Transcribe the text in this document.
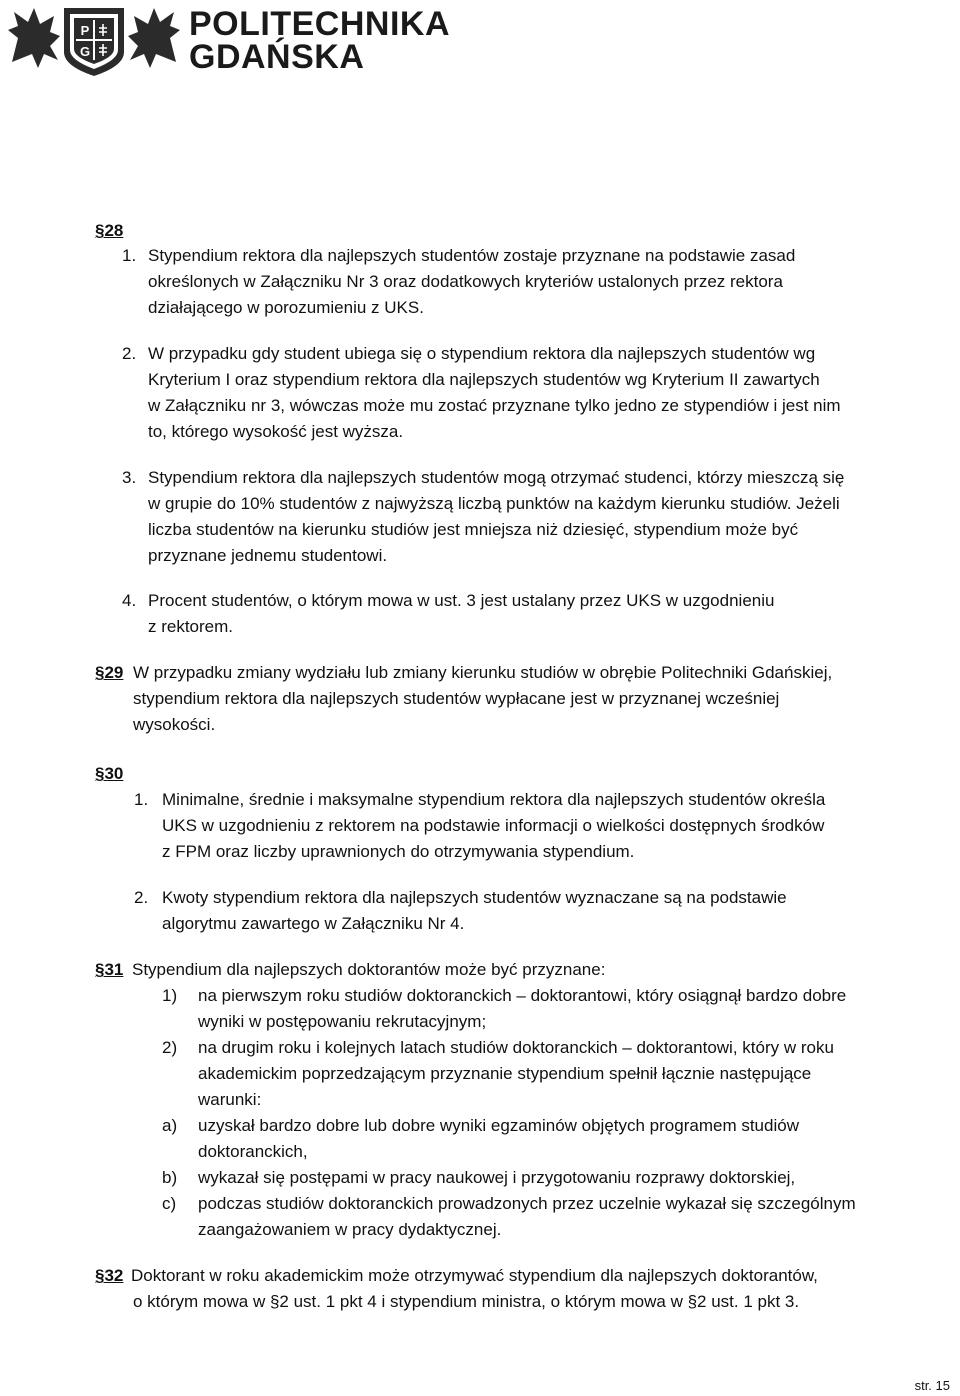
P
G
POLITECHNIKA
GDAŃSKA
§28
1. Stypendium rektora dla najlepszych studentów zostaje przyznane na podstawie zasad
określonych w Załączniku Nr 3 oraz dodatkowych kryteriów ustalonych przez rektora
działającego w porozumieniu z UKS.
2. W przypadku gdy student ubiega się o stypendium rektora dla najlepszych studentów wg
Kryterium I oraz stypendium rektora dla najlepszych studentów wg Kryterium II zawartych
w Załączniku nr 3, wówczas może mu zostać przyznane tylko jedno ze stypendiów i jest nim
to, którego wysokość jest wyższa.
3. Stypendium rektora dla najlepszych studentów mogą otrzymać studenci, którzy mieszczą się
w grupie do 10% studentów z najwyższą liczbą punktów na każdym kierunku studiów. Jeżeli
liczba studentów na kierunku studiów jest mniejsza niż dziesięć, stypendium może być
przyznane jednemu studentowi.
4. Procent studentów, o którym mowa w ust. 3 jest ustalany przez UKS w uzgodnieniu
z rektorem.
§29 W przypadku zmiany wydziału lub zmiany kierunku studiów w obrębie Politechniki Gdańskiej,
stypendium rektora dla najlepszych studentów wypłacane jest w przyznanej wcześniej
wysokości.
§30
1. Minimalne, średnie i maksymalne stypendium rektora dla najlepszych studentów określa
UKS w uzgodnieniu z rektorem na podstawie informacji o wielkości dostępnych środków
z FPM oraz liczby uprawnionych do otrzymywania stypendium.
2. Kwoty stypendium rektora dla najlepszych studentów wyznaczane są na podstawie
algorytmu zawartego w Załączniku Nr 4.
§31 Stypendium dla najlepszych doktorantów może być przyznane:
1) na pierwszym roku studiów doktoranckich – doktorantowi, który osiągnął bardzo dobre
wyniki w postępowaniu rekrutacyjnym;
2) na drugim roku i kolejnych latach studiów doktoranckich – doktorantowi, który w roku
akademickim poprzedzającym przyznanie stypendium spełnił łącznie następujące
warunki:
a) uzyskał bardzo dobre lub dobre wyniki egzaminów objętych programem studiów
doktoranckich,
b) wykazał się postępami w pracy naukowej i przygotowaniu rozprawy doktorskiej,
c) podczas studiów doktoranckich prowadzonych przez uczelnie wykazał się szczególnym
zaangażowaniem w pracy dydaktycznej.
§32 Doktorant w roku akademickim może otrzymywać stypendium dla najlepszych doktorantów,
o którym mowa w §2 ust. 1 pkt 4 i stypendium ministra, o którym mowa w §2 ust. 1 pkt 3.
str. 15
